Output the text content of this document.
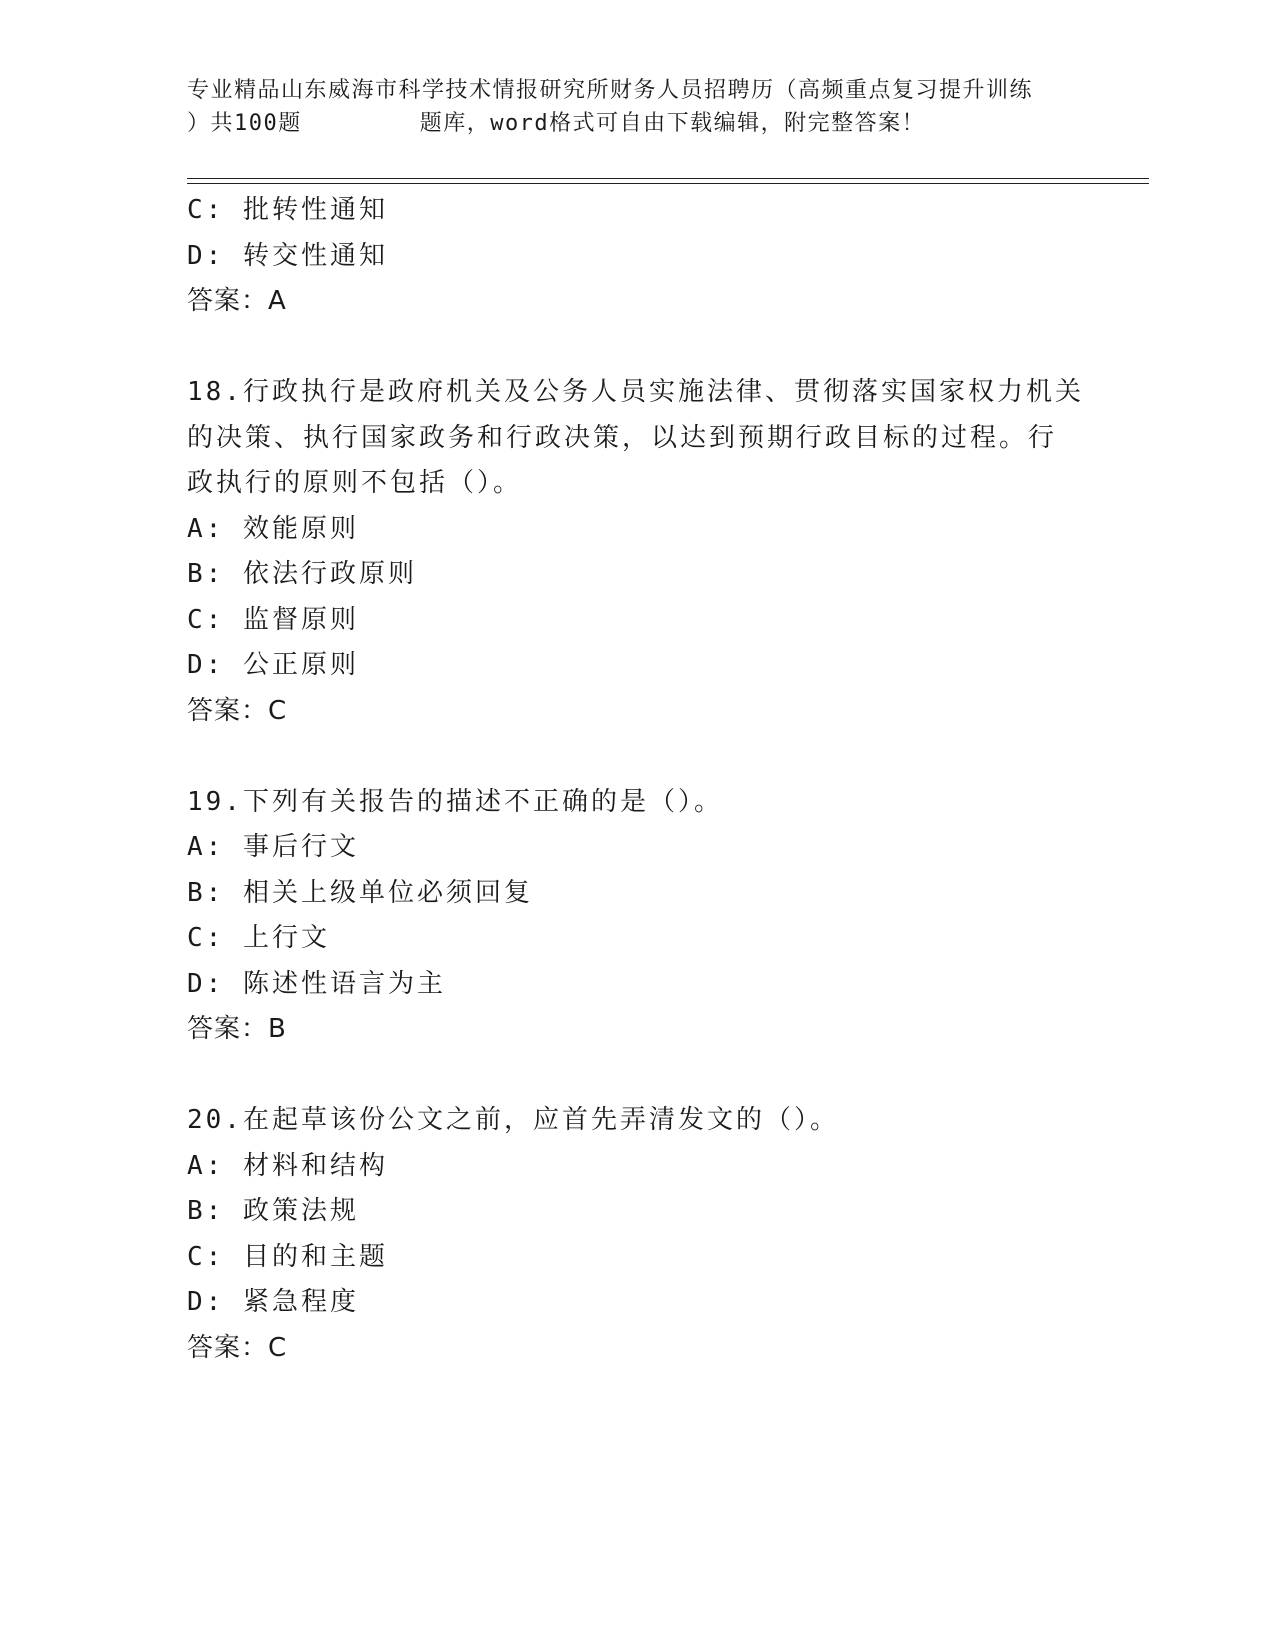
专业精品山东威海市科学技术情报研究所财务人员招聘历（高频重点复习提升训练
）共100题        题库，word格式可自由下载编辑，附完整答案！
C: 批转性通知
D: 转交性通知
答案：A
18.行政执行是政府机关及公务人员实施法律、贯彻落实国家权力机关
的决策、执行国家政务和行政决策，以达到预期行政目标的过程。行
政执行的原则不包括（）。
A: 效能原则
B: 依法行政原则
C: 监督原则
D: 公正原则
答案：C
19.下列有关报告的描述不正确的是（）。
A: 事后行文
B: 相关上级单位必须回复
C: 上行文
D: 陈述性语言为主
答案：B
20.在起草该份公文之前，应首先弄清发文的（）。
A: 材料和结构
B: 政策法规
C: 目的和主题
D: 紧急程度
答案：C
